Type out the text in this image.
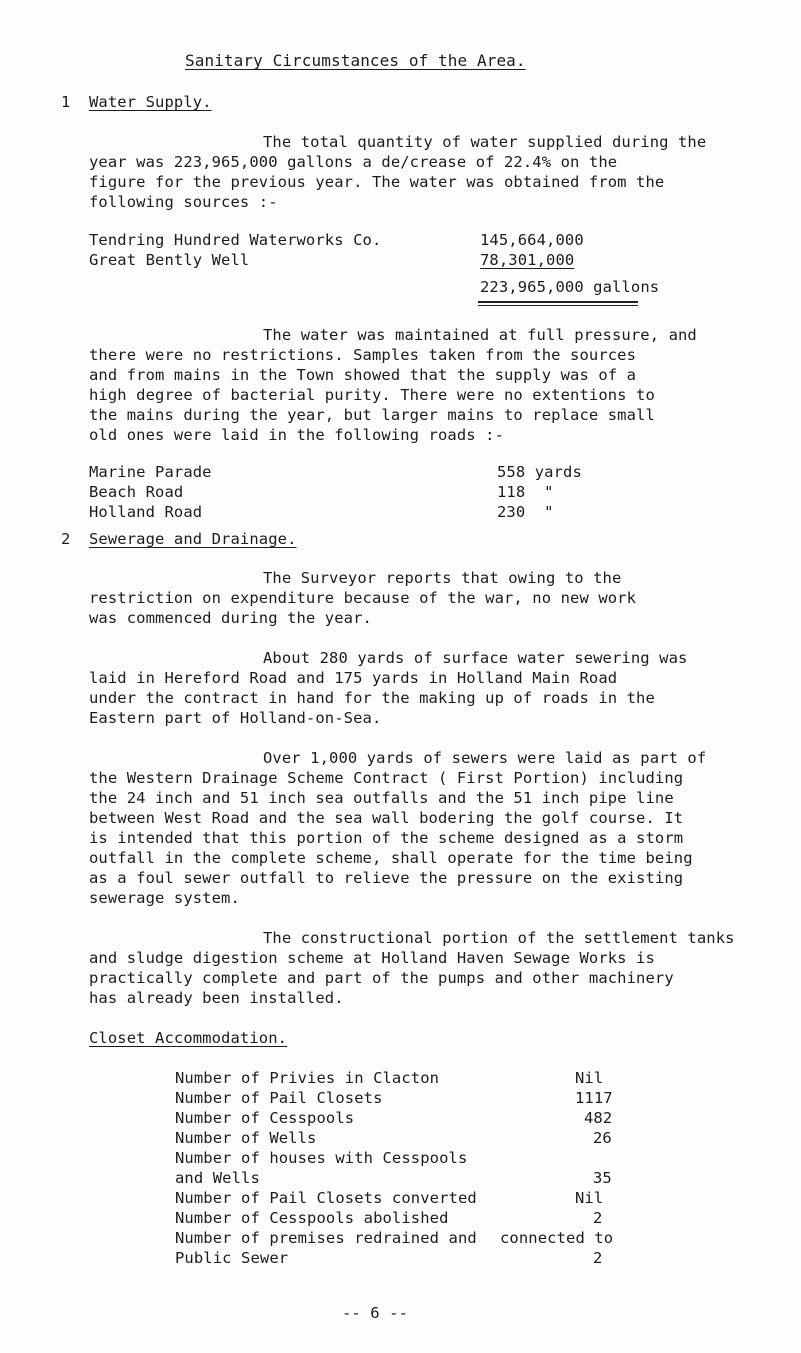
Sanitary Circumstances of the Area.
1 Water Supply.
The total quantity of water supplied during the
year was 223,965,000 gallons a de/crease of 22.4% on the
figure for the previous year. The water was obtained from the
following sources :-
Tendring Hundred Waterworks Co.	145,664,000
Great Bently Well	78,301,000
223,965,000 gallons
The water was maintained at full pressure, and
there were no restrictions. Samples taken from the sources
and from mains in the Town showed that the supply was of a
high degree of bacterial purity. There were no extentions to
the mains during the year, but larger mains to replace small
old ones were laid in the following roads :-
Marine Parade	558 yards
Beach Road	118  "
Holland Road	230  "
2 Sewerage and Drainage.
The Surveyor reports that owing to the
restriction on expenditure because of the war, no new work
was commenced during the year.
About 280 yards of surface water sewering was
laid in Hereford Road and 175 yards in Holland Main Road
under the contract in hand for the making up of roads in the
Eastern part of Holland-on-Sea.
Over 1,000 yards of sewers were laid as part of
the Western Drainage Scheme Contract ( First Portion) including
the 24 inch and 51 inch sea outfalls and the 51 inch pipe line
between West Road and the sea wall bodering the golf course. It
is intended that this portion of the scheme designed as a storm
outfall in the complete scheme, shall operate for the time being
as a foul sewer outfall to relieve the pressure on the existing
sewerage system.
The constructional portion of the settlement tanks
and sludge digestion scheme at Holland Haven Sewage Works is
practically complete and part of the pumps and other machinery
has already been installed.
Closet Accommodation.
Number of Privies in Clacton	Nil
Number of Pail Closets	1117
Number of Cesspools	482
Number of Wells	26
Number of houses with Cesspools
and Wells	35
Number of Pail Closets converted	Nil
Number of Cesspools abolished	2
Number of premises redrained and connected to
Public Sewer	2
-- 6 --
